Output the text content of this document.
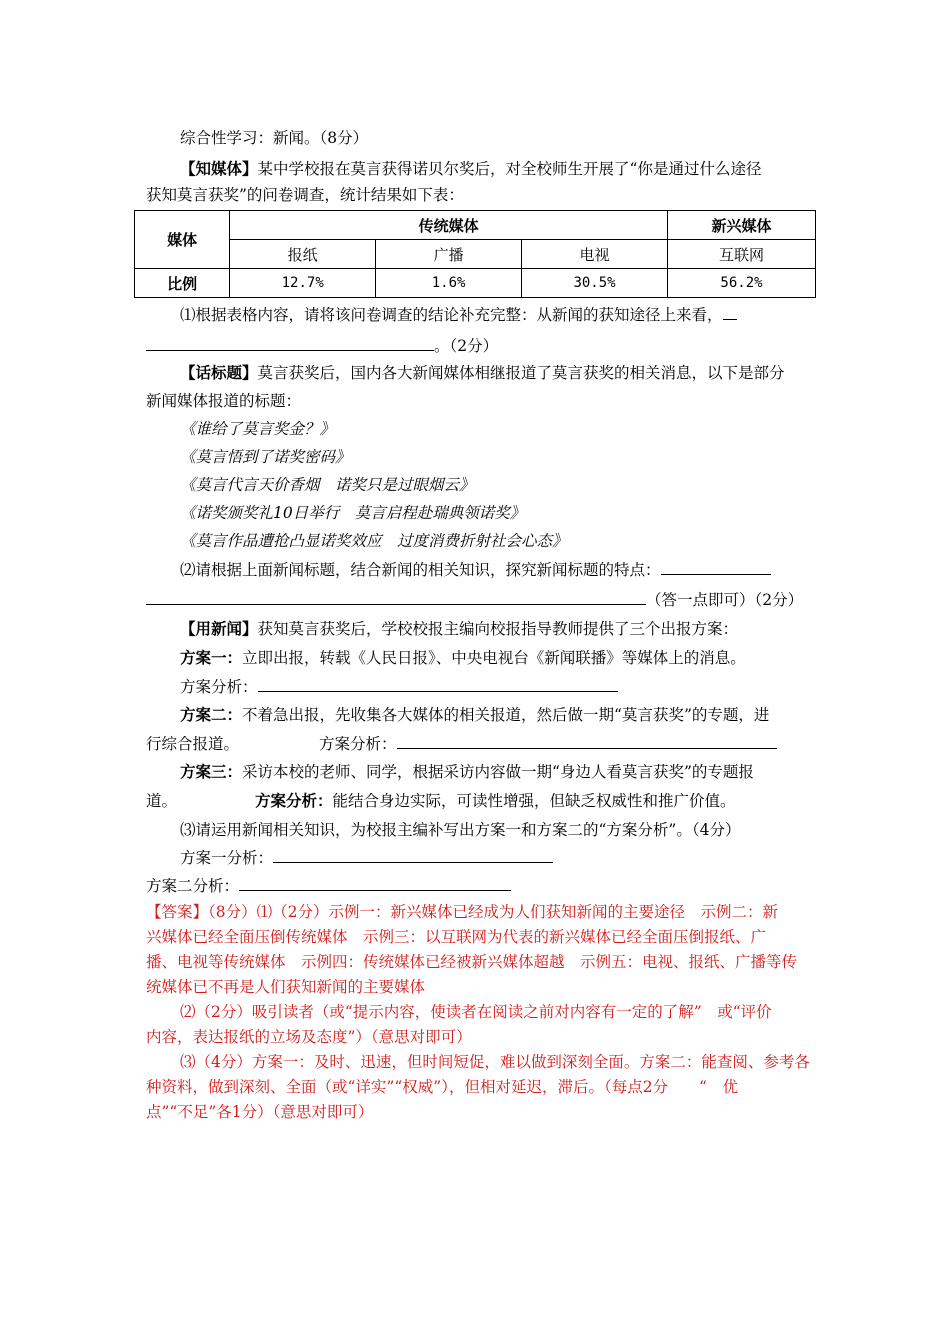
综合性学习：新闻。（8分）
【知媒体】某中学校报在莫言获得诺贝尔奖后，对全校师生开展了“你是通过什么途径
获知莫言获奖”的问卷调查，统计结果如下表：
媒体	传统媒体			新兴媒体
	报纸	广播	电视	互联网
比例	12.7%	1.6%	30.5%	56.2%
⑴根据表格内容，请将该问卷调查的结论补充完整：从新闻的获知途径上来看，
。（2分）
【话标题】莫言获奖后，国内各大新闻媒体相继报道了莫言获奖的相关消息，以下是部分
新闻媒体报道的标题：
《谁给了莫言奖金？》
《莫言悟到了诺奖密码》
《莫言代言天价香烟　诺奖只是过眼烟云》
《诺奖颁奖礼10日举行　莫言启程赴瑞典领诺奖》
《莫言作品遭抢凸显诺奖效应　过度消费折射社会心态》
⑵请根据上面新闻标题，结合新闻的相关知识，探究新闻标题的特点：
（答一点即可）（2分）
【用新闻】获知莫言获奖后，学校校报主编向校报指导教师提供了三个出报方案：
方案一：立即出报，转载《人民日报》、中央电视台《新闻联播》等媒体上的消息。
方案分析：
方案二：不着急出报，先收集各大媒体的相关报道，然后做一期“莫言获奖”的专题，进
行综合报道。	方案分析：
方案三：采访本校的老师、同学，根据采访内容做一期“身边人看莫言获奖”的专题报
道。	方案分析：能结合身边实际，可读性增强，但缺乏权威性和推广价值。
⑶请运用新闻相关知识，为校报主编补写出方案一和方案二的“方案分析”。（4分）
方案一分析：
方案二分析：
【答案】（8分）⑴（2分）示例一：新兴媒体已经成为人们获知新闻的主要途径　示例二：新
兴媒体已经全面压倒传统媒体　示例三：以互联网为代表的新兴媒体已经全面压倒报纸、广
播、电视等传统媒体　示例四：传统媒体已经被新兴媒体超越　示例五：电视、报纸、广播等传
统媒体已不再是人们获知新闻的主要媒体
⑵（2分）吸引读者（或“提示内容，使读者在阅读之前对内容有一定的了解”　或“评价
内容，表达报纸的立场及态度”）（意思对即可）
⑶（4分）方案一：及时、迅速，但时间短促，难以做到深刻全面。方案二：能查阅、参考各
种资料，做到深刻、全面（或“详实”“权威”），但相对延迟，滞后。（每点2分　　“　优
点”“不足”各1分）（意思对即可）
